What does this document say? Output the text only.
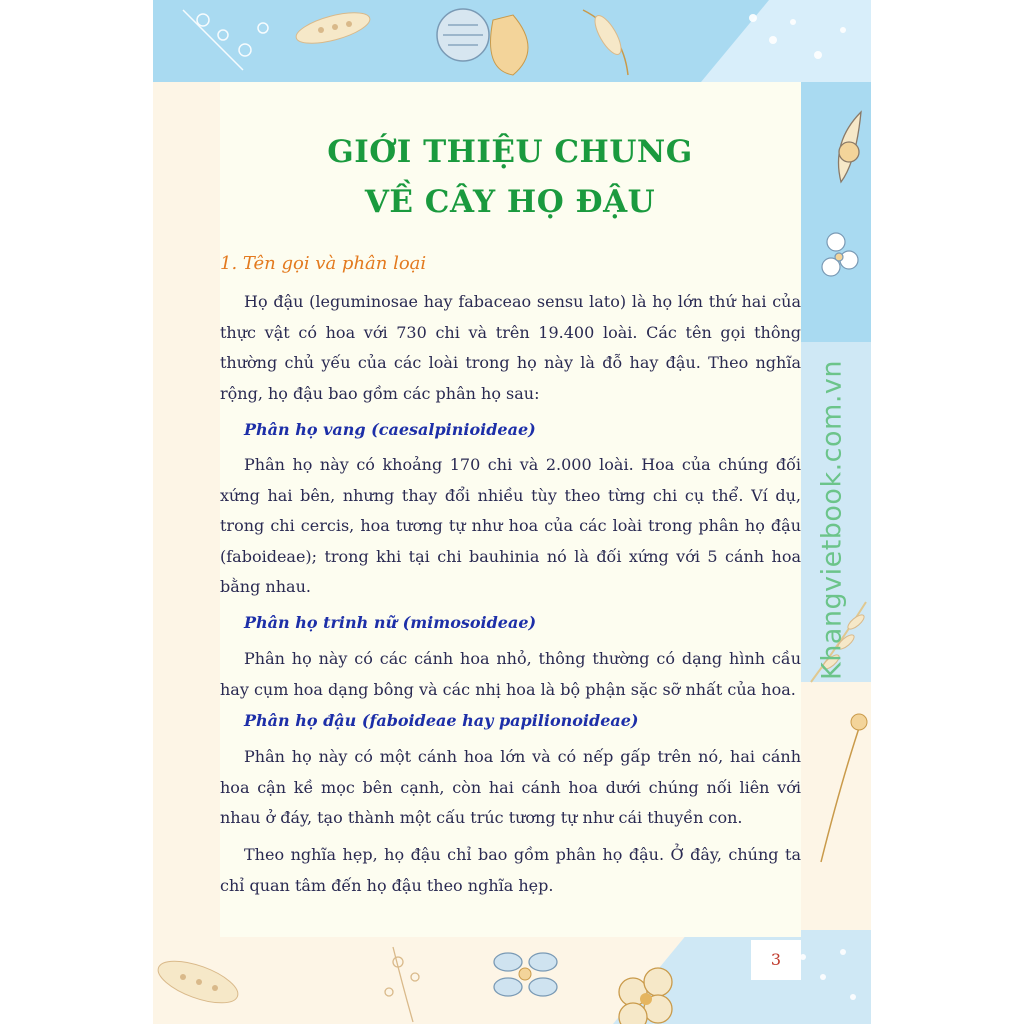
Khangvietbook.com.vn
GIỚI THIỆU CHUNG
VỀ CÂY HỌ ĐẬU

1. Tên gọi và phân loại

Họ đậu (leguminosae hay fabaceao sensu lato) là họ lớn thứ hai của thực vật có hoa với 730 chi và trên 19.400 loài. Các tên gọi thông thường chủ yếu của các loài trong họ này là đỗ hay đậu. Theo nghĩa rộng, họ đậu bao gồm các phân họ sau:

Phân họ vang (caesalpinioideae)

Phân họ này có khoảng 170 chi và 2.000 loài. Hoa của chúng đối xứng hai bên, nhưng thay đổi nhiều tùy theo từng chi cụ thể. Ví dụ, trong chi cercis, hoa tương tự như hoa của các loài trong phân họ đậu (faboideae); trong khi tại chi bauhinia nó là đối xứng với 5 cánh hoa bằng nhau.

Phân họ trinh nữ (mimosoideae)

Phân họ này có các cánh hoa nhỏ, thông thường có dạng hình cầu hay cụm hoa dạng bông và các nhị hoa là bộ phận sặc sỡ nhất của hoa.

Phân họ đậu (faboideae hay papilionoideae)

Phân họ này có một cánh hoa lớn và có nếp gấp trên nó, hai cánh hoa cận kề mọc bên cạnh, còn hai cánh hoa dưới chúng nối liên với nhau ở đáy, tạo thành một cấu trúc tương tự như cái thuyền con.

Theo nghĩa hẹp, họ đậu chỉ bao gồm phân họ đậu. Ở đây, chúng ta chỉ quan tâm đến họ đậu theo nghĩa hẹp.

3
